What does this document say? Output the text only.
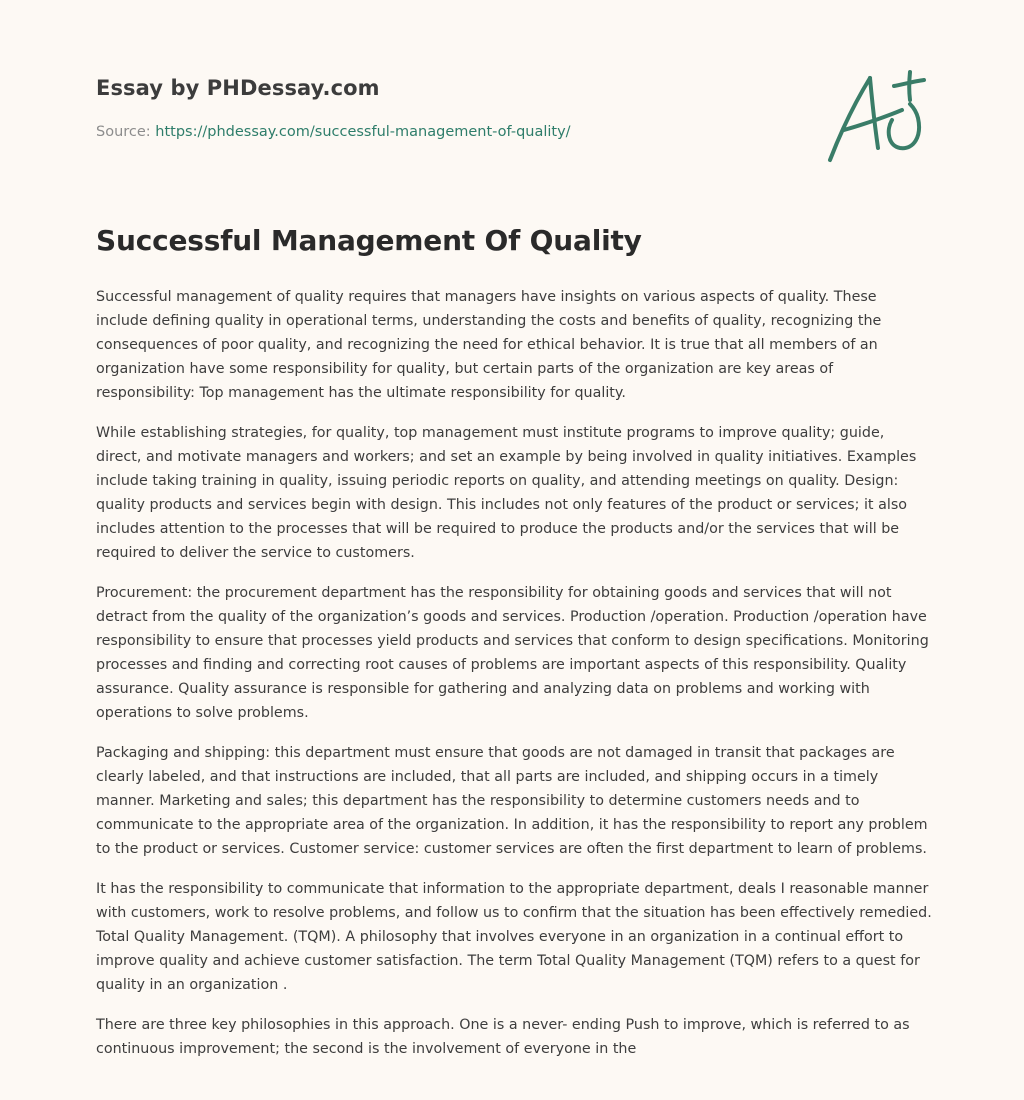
Essay by PHDessay.com
Source: https://phdessay.com/successful-management-of-quality/
Successful Management Of Quality

Successful management of quality requires that managers have insights on various aspects of quality. These include defining quality in operational terms, understanding the costs and benefits of quality, recognizing the consequences of poor quality, and recognizing the need for ethical behavior. It is true that all members of an organization have some responsibility for quality, but certain parts of the organization are key areas of responsibility: Top management has the ultimate responsibility for quality.

While establishing strategies, for quality, top management must institute programs to improve quality; guide, direct, and motivate managers and workers; and set an example by being involved in quality initiatives. Examples include taking training in quality, issuing periodic reports on quality, and attending meetings on quality. Design: quality products and services begin with design. This includes not only features of the product or services; it also includes attention to the processes that will be required to produce the products and/or the services that will be required to deliver the service to customers.

Procurement: the procurement department has the responsibility for obtaining goods and services that will not detract from the quality of the organization’s goods and services. Production /operation. Production /operation have responsibility to ensure that processes yield products and services that conform to design specifications. Monitoring processes and finding and correcting root causes of problems are important aspects of this responsibility. Quality assurance. Quality assurance is responsible for gathering and analyzing data on problems and working with operations to solve problems.

Packaging and shipping: this department must ensure that goods are not damaged in transit that packages are clearly labeled, and that instructions are included, that all parts are included, and shipping occurs in a timely manner. Marketing and sales; this department has the responsibility to determine customers needs and to communicate to the appropriate area of the organization. In addition, it has the responsibility to report any problem to the product or services. Customer service: customer services are often the first department to learn of problems.

It has the responsibility to communicate that information to the appropriate department, deals I reasonable manner with customers, work to resolve problems, and follow us to confirm that the situation has been effectively remedied. Total Quality Management. (TQM). A philosophy that involves everyone in an organization in a continual effort to improve quality and achieve customer satisfaction. The term Total Quality Management (TQM) refers to a quest for quality in an organization .

There are three key philosophies in this approach. One is a never- ending Push to improve, which is referred to as continuous improvement; the second is the involvement of everyone in the
